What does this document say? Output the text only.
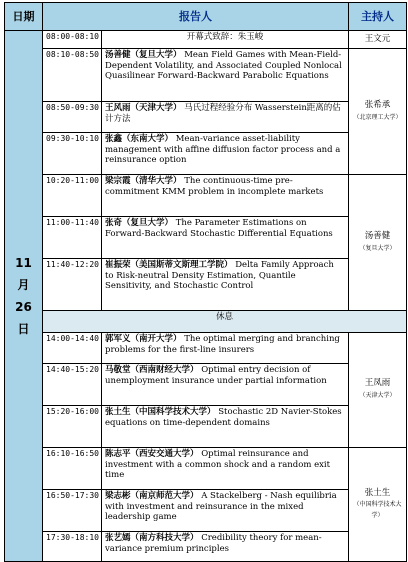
日期	报告人		主持人

11
月
26
日	08:00-08:10	开幕式致辞：朱玉峻	王文元
	08:10-08:50	汤善健（复旦大学） Mean Field Games with Mean-Field-Dependent Volatility, and Associated Coupled Nonlocal Quasilinear Forward-Backward Parabolic Equations	张希承
（北京理工大学）

	08:50-09:30	王风雨（天津大学） 马氏过程经验分布 Wasserstein距离的估计方法	
	09:30-10:10	张鑫（东南大学） Mean-variance asset-liability management with affine diffusion factor process and a reinsurance option	
	10:20-11:00	梁宗霞（清华大学） The continuous-time pre-commitment KMM problem in incomplete markets	汤善健
（复旦大学）

	11:00-11:40	张奇（复旦大学） The Parameter Estimations on Forward-Backward Stochastic Differential Equations	
	11:40-12:20	崔振荣（美国斯蒂文斯理工学院） Delta Family Approach to Risk-neutral Density Estimation, Quantile Sensitivity, and Stochastic Control	
	休息		
	14:00-14:40	郭军义（南开大学） The optimal merging and branching problems for the first-line insurers	王凤雨
（天津大学）

	14:40-15:20	马敬堂（西南财经大学） Optimal entry decision of unemployment insurance under partial information	
	15:20-16:00	张土生（中国科学技术大学） Stochastic 2D Navier-Stokes equations on time-dependent domains	
	16:10-16:50	陈志平（西安交通大学） Optimal reinsurance and investment with a common shock and a random exit time	张土生
（中国科学技术大学）

	16:50-17:30	梁志彬（南京师范大学） A Stackelberg - Nash equilibria with investment and reinsurance in the mixed leadership game	
	17:30-18:10	张艺嫣（南方科技大学） Credibility theory for mean-variance premium principles	
